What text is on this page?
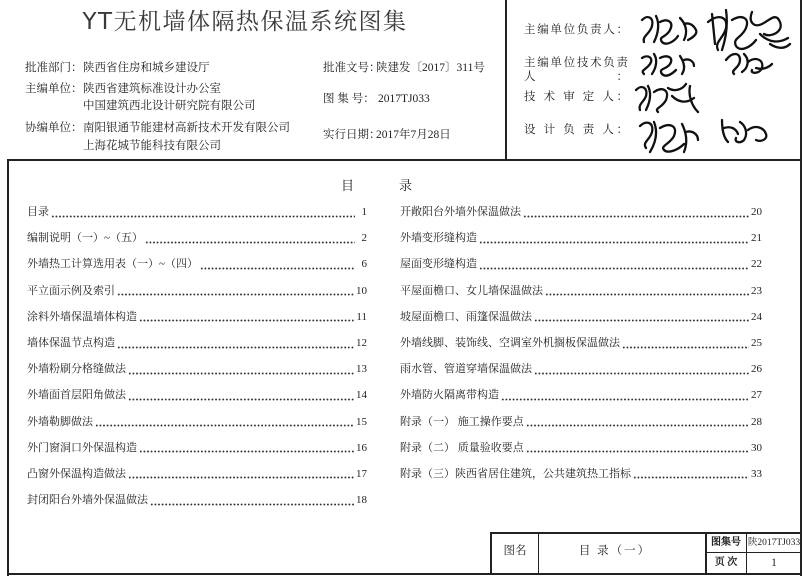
YT无机墙体隔热保温系统图集
批准部门： 陕西省住房和城乡建设厅
主编单位： 陕西省建筑标准设计办公室
中国建筑西北设计研究院有限公司
协编单位： 南阳银通节能建材高新技术开发有限公司
上海花城节能科技有限公司
批准文号：
陕建发〔2017〕311号
图 集 号： 2017TJ033
实行日期：
2017年7月28日
主编单位负责人：
主编单位技术负责人：
技 术 审 定 人：
设 计 负 责 人：
目录
目录	1
编制说明（一）~（五）	2
外墙热工计算选用表（一）~（四）	6
平立面示例及索引	10
涂料外墙保温墙体构造	11
墙体保温节点构造	12
外墙粉刷分格缝做法	13
外墙面首层阳角做法	14
外墙勒脚做法	15
外门窗洞口外保温构造	16
凸窗外保温构造做法	17
封闭阳台外墙外保温做法	18
开敞阳台外墙外保温做法	20
外墙变形缝构造	21
屋面变形缝构造	22
平屋面檐口、女儿墙保温做法	23
坡屋面檐口、雨篷保温做法	24
外墙线脚、装饰线、空调室外机搁板保温做法	25
雨水管、管道穿墙保温做法	26
外墙防火隔离带构造	27
附录（一） 施工操作要点	28
附录（二） 质量验收要点	30
附录（三）陕西省居住建筑，公共建筑热工指标	33
图名	目 录（一）
图集号 陕2017TJ033
页 次	1
